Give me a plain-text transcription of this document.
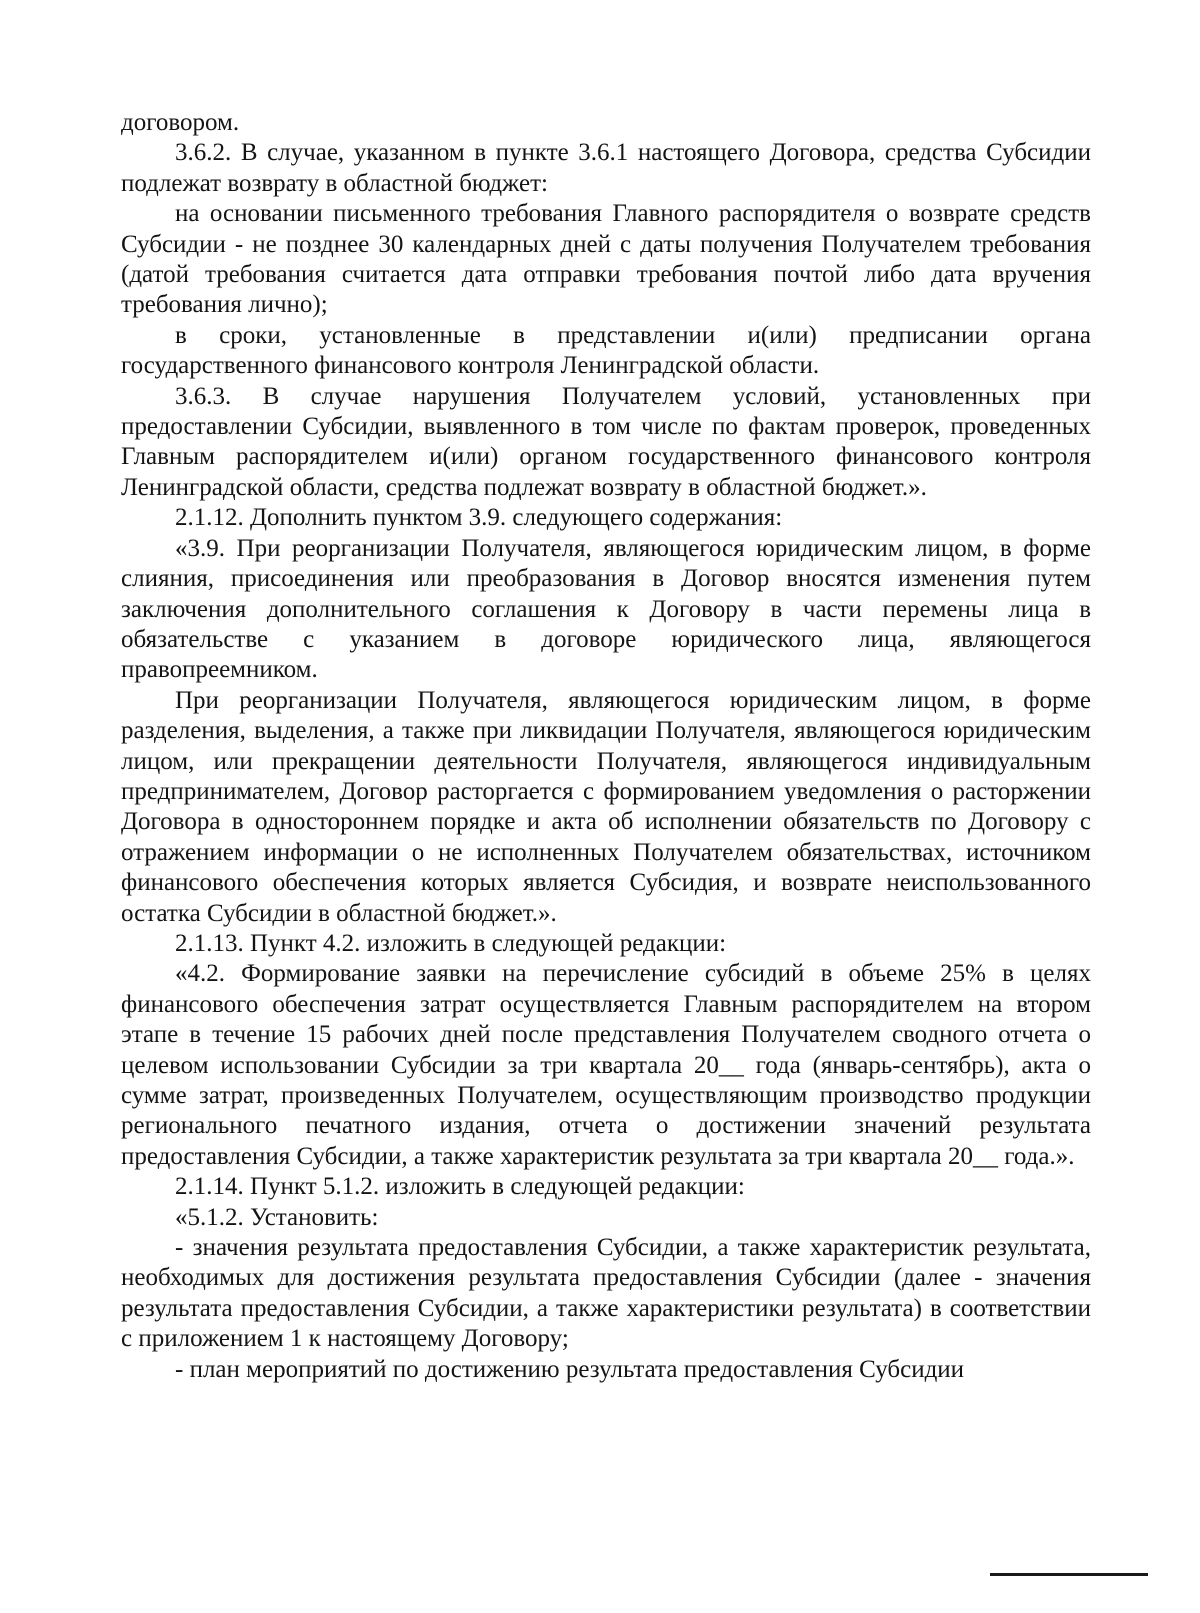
договором.

3.6.2. В случае, указанном в пункте 3.6.1 настоящего Договора, средства Субсидии подлежат возврату в областной бюджет:

на основании письменного требования Главного распорядителя о возврате средств Субсидии - не позднее 30 календарных дней с даты получения Получателем требования (датой требования считается дата отправки требования почтой либо дата вручения требования лично);

в сроки, установленные в представлении и(или) предписании органа государственного финансового контроля Ленинградской области.

3.6.3. В случае нарушения Получателем условий, установленных при предоставлении Субсидии, выявленного в том числе по фактам проверок, проведенных Главным распорядителем и(или) органом государственного финансового контроля Ленинградской области, средства подлежат возврату в областной бюджет.».

2.1.12. Дополнить пунктом 3.9. следующего содержания:

«3.9. При реорганизации Получателя, являющегося юридическим лицом, в форме слияния, присоединения или преобразования в Договор вносятся изменения путем заключения дополнительного соглашения к Договору в части перемены лица в обязательстве с указанием в договоре юридического лица, являющегося правопреемником.

При реорганизации Получателя, являющегося юридическим лицом, в форме разделения, выделения, а также при ликвидации Получателя, являющегося юридическим лицом, или прекращении деятельности Получателя, являющегося индивидуальным предпринимателем, Договор расторгается с формированием уведомления о расторжении Договора в одностороннем порядке и акта об исполнении обязательств по Договору с отражением информации о не исполненных Получателем обязательствах, источником финансового обеспечения которых является Субсидия, и возврате неиспользованного остатка Субсидии в областной бюджет.».

2.1.13. Пункт 4.2. изложить в следующей редакции:

«4.2. Формирование заявки на перечисление субсидий в объеме 25% в целях финансового обеспечения затрат осуществляется Главным распорядителем на втором этапе в течение 15 рабочих дней после представления Получателем сводного отчета о целевом использовании Субсидии за три квартала 20__ года (январь-сентябрь), акта о сумме затрат, произведенных Получателем, осуществляющим производство продукции регионального печатного издания, отчета о достижении значений результата предоставления Субсидии, а также характеристик результата за три квартала 20__ года.».

2.1.14. Пункт 5.1.2. изложить в следующей редакции:

«5.1.2. Установить:

- значения результата предоставления Субсидии, а также характеристик результата, необходимых для достижения результата предоставления Субсидии (далее - значения результата предоставления Субсидии, а также характеристики результата) в соответствии с приложением 1 к настоящему Договору;

- план мероприятий по достижению результата предоставления Субсидии
